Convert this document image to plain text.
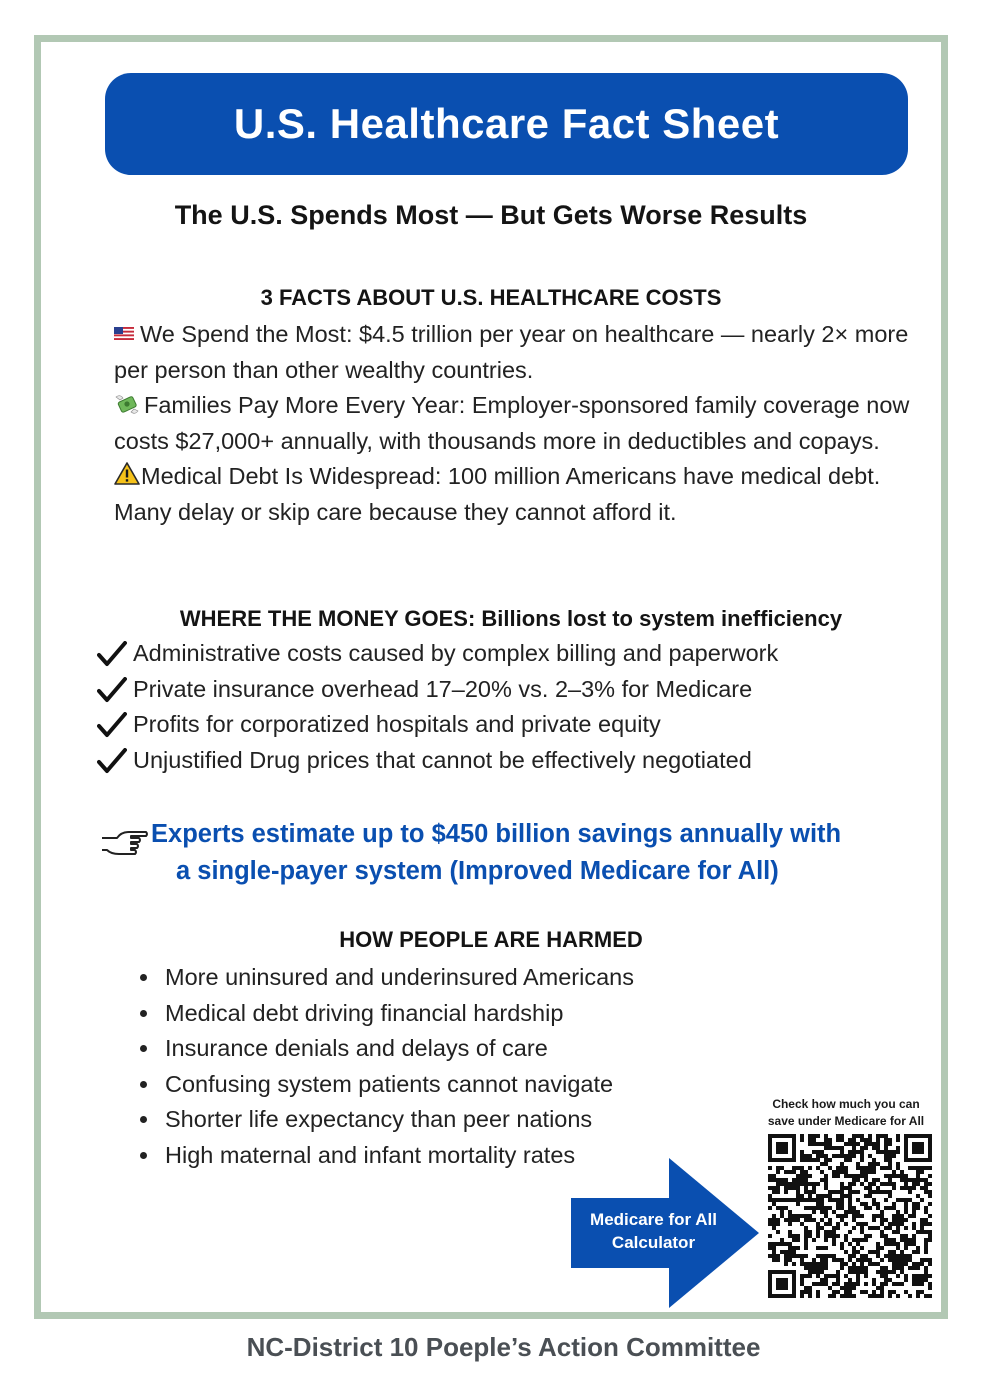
U.S. Healthcare Fact Sheet
The U.S. Spends Most — But Gets Worse Results
3 FACTS ABOUT U.S. HEALTHCARE COSTS

We Spend the Most: $4.5 trillion per year on healthcare — nearly 2× more per person than other wealthy countries.

Families Pay More Every Year: Employer-sponsored family coverage now costs $27,000+ annually, with thousands more in deductibles and copays.

Medical Debt Is Widespread: 100 million Americans have medical debt. Many delay or skip care because they cannot afford it.

WHERE THE MONEY GOES: Billions lost to system inefficiency
Administrative costs caused by complex billing and paperwork
Private insurance overhead 17–20% vs. 2–3% for Medicare
Profits for corporatized hospitals and private equity
Unjustified Drug prices that cannot be effectively negotiated
Experts estimate up to $450 billion savings annually with
a single-payer system (Improved Medicare for All)
HOW PEOPLE ARE HARMED
• More uninsured and underinsured Americans
• Medical debt driving financial hardship
• Insurance denials and delays of care
• Confusing system patients cannot navigate
• Shorter life expectancy than peer nations
• High maternal and infant mortality rates
Medicare for All
Calculator
Check how much you can
save under Medicare for All
NC-District 10 Poeple’s Action Committee
